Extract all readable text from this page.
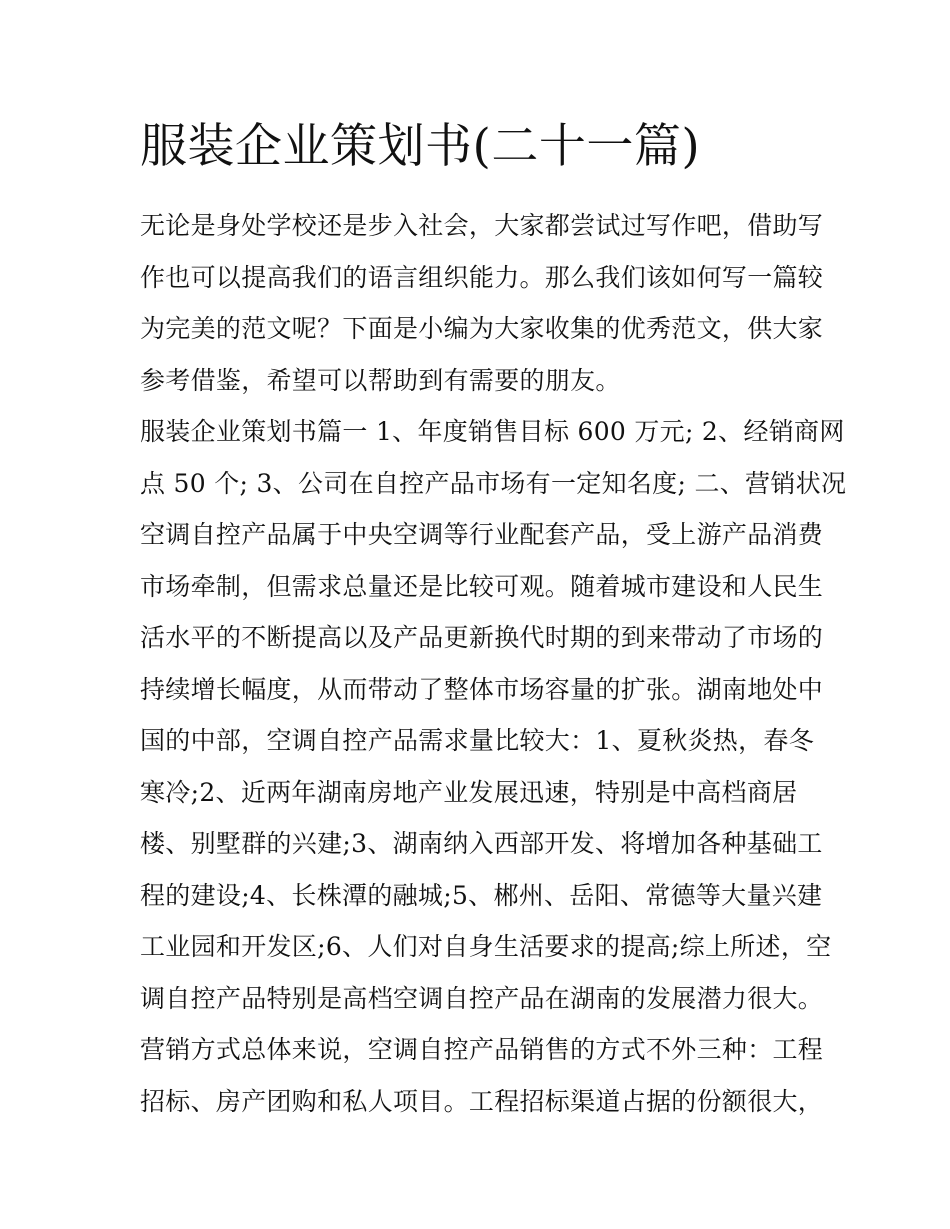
服装企业策划书(二十一篇)
无论是身处学校还是步入社会，大家都尝试过写作吧，借助写
作也可以提高我们的语言组织能力。那么我们该如何写一篇较
为完美的范文呢？下面是小编为大家收集的优秀范文，供大家
参考借鉴，希望可以帮助到有需要的朋友。
服装企业策划书篇一 1、年度销售目标 600 万元; 2、经销商网
点 50 个; 3、公司在自控产品市场有一定知名度; 二、营销状况
空调自控产品属于中央空调等行业配套产品，受上游产品消费
市场牵制，但需求总量还是比较可观。随着城市建设和人民生
活水平的不断提高以及产品更新换代时期的到来带动了市场的
持续增长幅度，从而带动了整体市场容量的扩张。湖南地处中
国的中部，空调自控产品需求量比较大：1、夏秋炎热，春冬
寒冷;2、近两年湖南房地产业发展迅速，特别是中高档商居
楼、别墅群的兴建;3、湖南纳入西部开发、将增加各种基础工
程的建设;4、长株潭的融城;5、郴州、岳阳、常德等大量兴建
工业园和开发区;6、人们对自身生活要求的提高;综上所述，空
调自控产品特别是高档空调自控产品在湖南的发展潜力很大。
营销方式总体来说，空调自控产品销售的方式不外三种：工程
招标、房产团购和私人项目。工程招标渠道占据的份额很大，
